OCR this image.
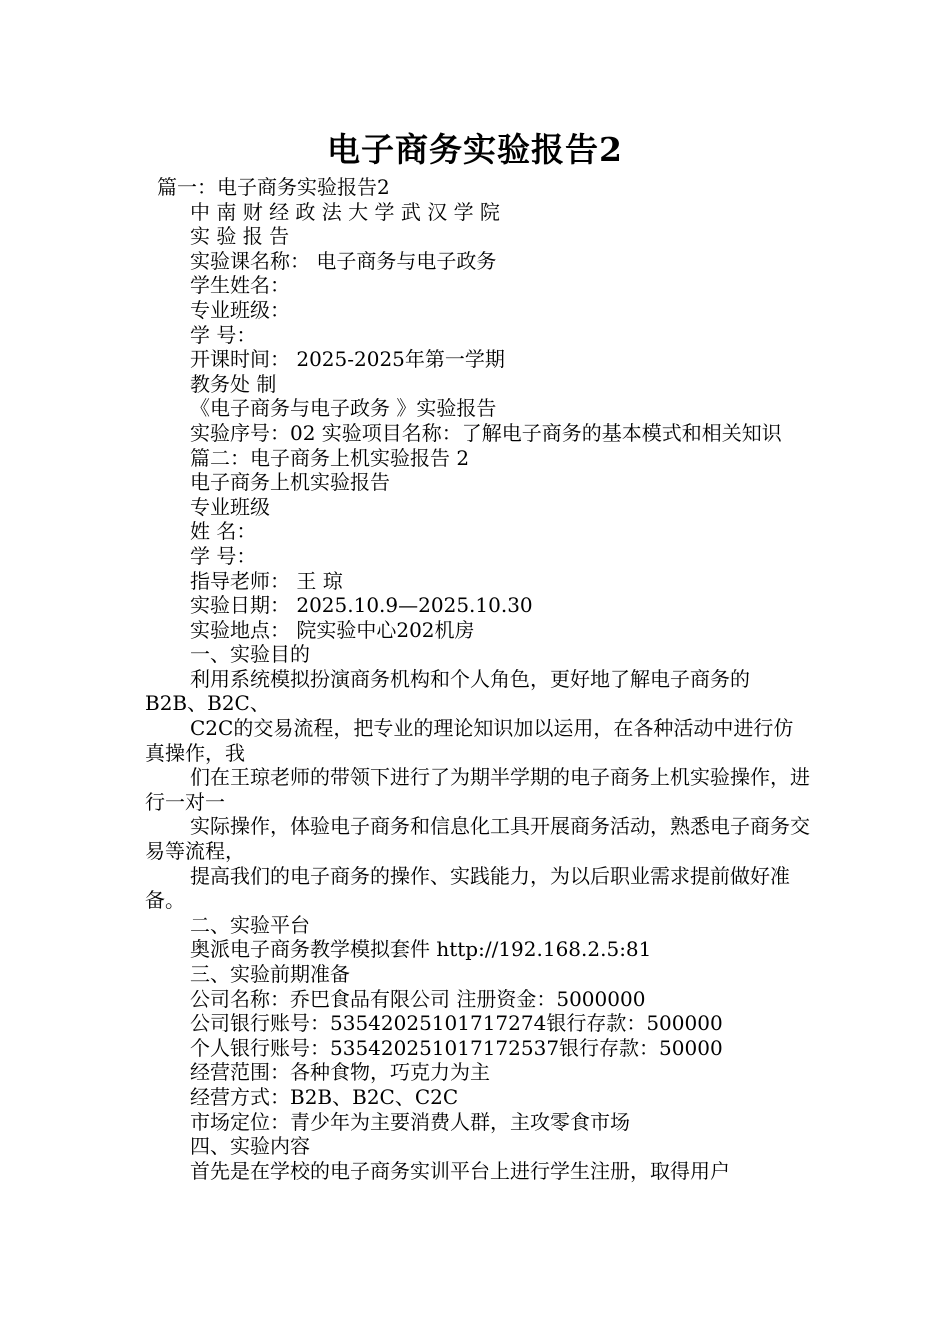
电子商务实验报告2
篇一：电子商务实验报告2
中 南 财 经 政 法 大 学 武 汉 学 院
实 验 报 告
实验课名称： 电子商务与电子政务
学生姓名：
专业班级：
学 号：
开课时间： 2025-2025年第一学期
教务处 制
《电子商务与电子政务 》实验报告
实验序号：02 实验项目名称：了解电子商务的基本模式和相关知识
篇二：电子商务上机实验报告 2
电子商务上机实验报告
专业班级
姓 名：
学 号：
指导老师： 王 琼
实验日期： 2025.10.9—2025.10.30
实验地点： 院实验中心202机房
一、实验目的
利用系统模拟扮演商务机构和个人角色，更好地了解电子商务的B2B、B2C、
C2C的交易流程，把专业的理论知识加以运用，在各种活动中进行仿真操作，我
们在王琼老师的带领下进行了为期半学期的电子商务上机实验操作，进行一对一
实际操作，体验电子商务和信息化工具开展商务活动，熟悉电子商务交易等流程，
提高我们的电子商务的操作、实践能力，为以后职业需求提前做好准备。
二、实验平台
奥派电子商务教学模拟套件 http://192.168.2.5:81
三、实验前期准备
公司名称：乔巴食品有限公司 注册资金：5000000
公司银行账号：53542025101717274银行存款：500000
个人银行账号：53542025101717253​7银行存款：50000
经营范围：各种食物，巧克力为主
经营方式：B2B、B2C、C2C
市场定位：青少年为主要消费人群，主攻零食市场
四、实验内容
首先是在学校的电子商务实训平台上进行学生注册，取得用户
